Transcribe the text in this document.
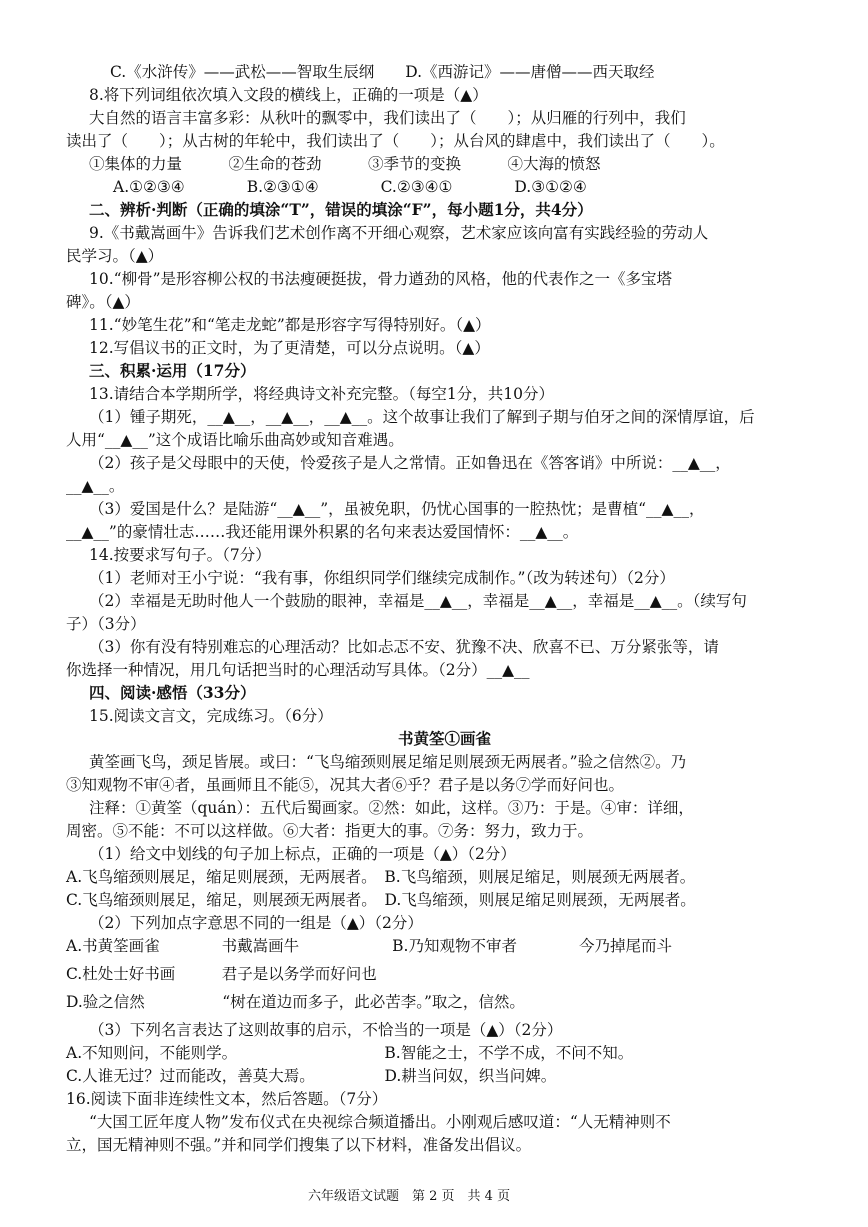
C.《水浒传》——武松——智取生辰纲　　D.《西游记》——唐僧——西天取经
8.将下列词组依次填入文段的横线上，正确的一项是（▲）
大自然的语言丰富多彩：从秋叶的飘零中，我们读出了（　　）；从归雁的行列中，我们
读出了（　　）；从古树的年轮中，我们读出了（　　）；从台风的肆虐中，我们读出了（　　）。
①集体的力量　　　②生命的苍劲　　　③季节的变换　　　④大海的愤怒
A.①②③④　　　　B.②③①④　　　　C.②③④①　　　　D.③①②④
二、辨析·判断（正确的填涂“T”，错误的填涂“F”，每小题1分，共4分）
9.《书戴嵩画牛》告诉我们艺术创作离不开细心观察，艺术家应该向富有实践经验的劳动人
民学习。（▲）
10.“柳骨”是形容柳公权的书法瘦硬挺拔，骨力遒劲的风格，他的代表作之一《多宝塔
碑》。（▲）
11.“妙笔生花”和“笔走龙蛇”都是形容字写得特别好。（▲）
12.写倡议书的正文时，为了更清楚，可以分点说明。（▲）
三、积累·运用（17分）
13.请结合本学期所学，将经典诗文补充完整。（每空1分，共10分）
（1）锺子期死，__▲__，__▲__，__▲__。这个故事让我们了解到子期与伯牙之间的深情厚谊，后
人用“__▲__”这个成语比喻乐曲高妙或知音难遇。
（2）孩子是父母眼中的天使，怜爱孩子是人之常情。正如鲁迅在《答客诮》中所说：__▲__，
__▲__。
（3）爱国是什么？是陆游“__▲__”，虽被免职，仍忧心国事的一腔热忱；是曹植“__▲__，
__▲__”的豪情壮志……我还能用课外积累的名句来表达爱国情怀：__▲__。
14.按要求写句子。（7分）
（1）老师对王小宁说：“我有事，你组织同学们继续完成制作。”（改为转述句）（2分）
（2）幸福是无助时他人一个鼓励的眼神，幸福是__▲__，幸福是__▲__，幸福是__▲__。（续写句
子）（3分）
（3）你有没有特别难忘的心理活动？比如忐忑不安、犹豫不决、欣喜不已、万分紧张等，请
你选择一种情况，用几句话把当时的心理活动写具体。（2分）__▲__
四、阅读·感悟（33分）
15.阅读文言文，完成练习。（6分）
书黄筌①画雀
黄筌画飞鸟，颈足皆展。或曰：“飞鸟缩颈则展足缩足则展颈无两展者。”验之信然②。乃
③知观物不审④者，虽画师且不能⑤，况其大者⑥乎？君子是以务⑦学而好问也。
注释：①黄筌（quán）：五代后蜀画家。②然：如此，这样。③乃：于是。④审：详细，
周密。⑤不能：不可以这样做。⑥大者：指更大的事。⑦务：努力，致力于。
（1）给文中划线的句子加上标点，正确的一项是（▲）（2分）
A.飞鸟缩颈则展足，缩足则展颈，无两展者。　B.飞鸟缩颈，则展足缩足，则展颈无两展者。
C.飞鸟缩颈则展足，缩足，则展颈无两展者。　D.飞鸟缩颈，则展足缩足则展颈，无两展者。
（2）下列加点字意思不同的一组是（▲）（2分）
A.书黄筌画雀　　　　书戴嵩画牛　　　　　　B.乃知观物不审者　　　　今乃掉尾而斗
C.杜处士好书画　　　君子是以务学而好问也
D.验之信然　　　　　“树在道边而多子，此必苦李。”取之，信然。
（3）下列名言表达了这则故事的启示，不恰当的一项是（▲）（2分）
A.不知则问，不能则学。　　　　　　　　　　B.智能之士，不学不成，不问不知。
C.人谁无过？过而能改，善莫大焉。　　　　　D.耕当问奴，织当问婢。
16.阅读下面非连续性文本，然后答题。（7分）
“大国工匠年度人物”发布仪式在央视综合频道播出。小刚观后感叹道：“人无精神则不
立，国无精神则不强。”并和同学们搜集了以下材料，准备发出倡议。
六年级语文试题　第 2 页　共 4 页
